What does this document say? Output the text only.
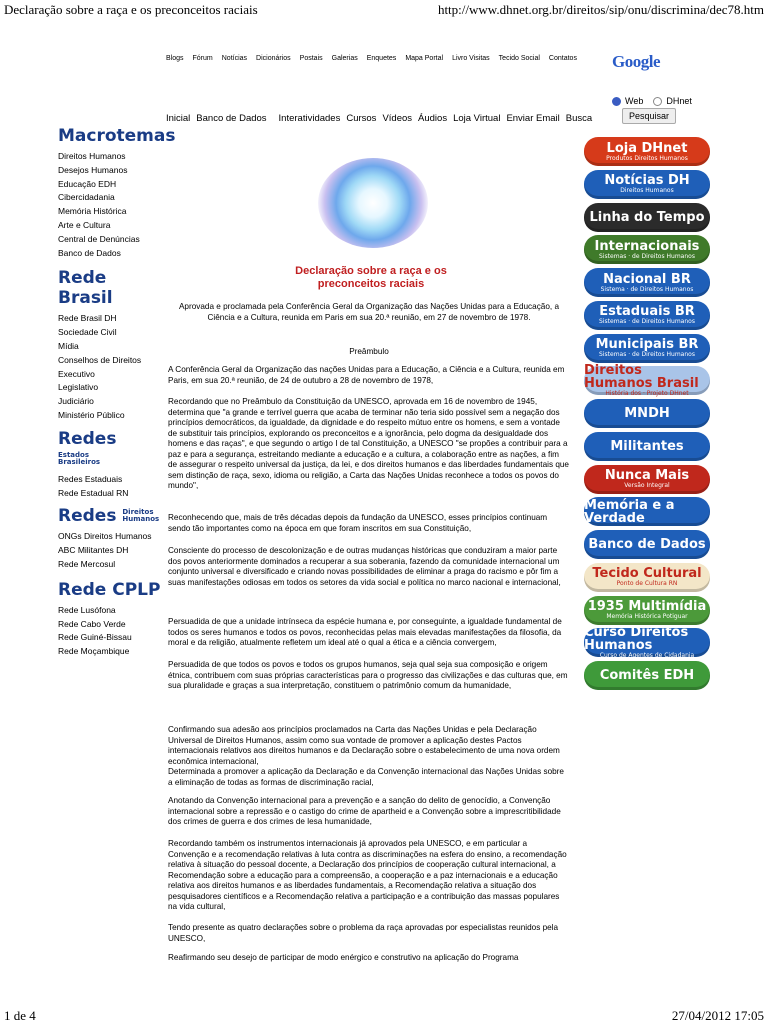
Declaração sobre a raça e os preconceitos raciais	http://www.dhnet.org.br/direitos/sip/onu/discrimina/dec78.htm
Blogs Fórum Notícias Dicionários Postais Galerias Enquetes Mapa Portal Livro Visitas Tecido Social Contatos Google
Web	DHnet
Pesquisar
Inicial Banco de Dados Interatividades Cursos Vídeos Áudios Loja Virtual Enviar Email Busca
Macrotemas
Direitos Humanos
Desejos Humanos
Educação EDH
Cibercidadania
Memória Histórica
Arte e Cultura
Central de Denúncias
Banco de Dados
Rede Brasil
Rede Brasil DH
Sociedade Civil
Mídia
Conselhos de Direitos
Executivo
Legislativo
Judiciário
Ministério Público
Redes Estados Brasileiros
Redes Estaduais
Rede Estadual RN
Redes Direitos Humanos
ONGs Direitos Humanos
ABC Militantes DH
Rede Mercosul
Rede CPLP
Rede Lusófona
Rede Cabo Verde
Rede Guiné-Bissau
Rede Moçambique
Declaração sobre a raça e os preconceitos raciais
Aprovada e proclamada pela Conferência Geral da Organização das Nações Unidas para a Educação, a Ciência e a Cultura, reunida em Paris em sua 20.ª reunião, em 27 de novembro de 1978.
Preâmbulo
A Conferência Geral da Organização das nações Unidas para a Educação, a Ciência e a Cultura, reunida em Paris, em sua 20.ª reunião, de 24 de outubro a 28 de novembro de 1978,
Recordando que no Preâmbulo da Constituição da UNESCO, aprovada em 16 de novembro de 1945, determina que "a grande e terrível guerra que acaba de terminar não teria sido possível sem a negação dos princípios democráticos, da igualdade, da dignidade e do respeito mútuo entre os homens, e sem a vontade de substituir tais princípios, explorando os preconceitos e a ignorância, pelo dogma da desigualdade dos homens e das raças", e que segundo o artigo I de tal Constituição, a UNESCO "se propões a contribuir para a paz e para a segurança, estreitando mediante a educação e a cultura, a colaboração entre as nações, a fim de assegurar o respeito universal da justiça, da lei, e dos direitos humanos e das liberdades fundamentais que sem distinção de raça, sexo, idioma ou religião, a Carta das Nações Unidas reconhece a todos os povos do mundo",
Reconhecendo que, mais de três décadas depois da fundação da UNESCO, esses princípios continuam sendo tão importantes como na época em que foram inscritos em sua Constituição,
Consciente do processo de descolonização e de outras mudanças históricas que conduziram a maior parte dos povos anteriormente dominados a recuperar a sua soberania, fazendo da comunidade internacional um conjunto universal e diversificado e criando novas possibilidades de eliminar a praga do racismo e pôr fim a suas manifestações odiosas em todos os setores da vida social e política no marco nacional e internacional,
Persuadida de que a unidade intrínseca da espécie humana e, por conseguinte, a igualdade fundamental de todos os seres humanos e todos os povos, reconhecidas pelas mais elevadas manifestações da filosofia, da moral e da religião, atualmente refletem um ideal até o qual a ética e a ciência convergem,
Persuadida de que todos os povos e todos os grupos humanos, seja qual seja sua composição e origem étnica, contribuem com suas próprias características para o progresso das civilizações e das culturas que, em sua pluralidade e graças a sua interpretação, constituem o patrimônio comum da humanidade,
Confirmando sua adesão aos princípios proclamados na Carta das Nações Unidas e pela Declaração Universal de Direitos Humanos, assim como sua vontade de promover a aplicação destes Pactos internacionais relativos aos direitos humanos e da Declaração sobre o estabelecimento de uma nova ordem econômica internacional,
Determinada a promover a aplicação da Declaração e da Convenção internacional das Nações Unidas sobre a eliminação de todas as formas de discriminação racial,
Anotando da Convenção internacional para a prevenção e a sanção do delito de genocídio, a Convenção internacional sobre a repressão e o castigo do crime de apartheid e a Convenção sobre a imprescritibilidade dos crimes de guerra e dos crimes de lesa humanidade,
Recordando também os instrumentos internacionais já aprovados pela UNESCO, e em particular a Convenção e a recomendação relativas à luta contra as discriminações na esfera do ensino, a recomendação relativa à situação do pessoal docente, a Declaração dos princípios de cooperação cultural internacional, a Recomendação sobre a educação para a compreensão, a cooperação e a paz internacionais e a educação relativa aos direitos humanos e as liberdades fundamentais, a Recomendação relativa a situação dos pesquisadores científicos e a Recomendação relativa a participação e a contribuição das massas populares na vida cultural,
Tendo presente as quatro declarações sobre o problema da raça aprovadas por especialistas reunidos pela UNESCO,
Reafirmando seu desejo de participar de modo enérgico e construtivo na aplicação do Programa
Loja DHnet
Produtos Direitos Humanos
Notícias DH
Direitos Humanos
Linha do Tempo
Internacionais
Sistemas · de Direitos Humanos
Nacional BR
Sistema · de Direitos Humanos
Estaduais BR
Sistemas · de Direitos Humanos
Municipais BR
Sistemas · de Direitos Humanos
Direitos Humanos Brasil
História dos · Projeto DHnet
MNDH
Militantes
Nunca Mais
Versão Integral
Memória e a Verdade
Banco de Dados
Tecido Cultural
Ponto de Cultura RN
1935 Multimídia
Memória Histórica Potiguar
Curso Direitos Humanos
Curso de Agentes de Cidadania
Comitês EDH
1 de 4	27/04/2012 17:05
